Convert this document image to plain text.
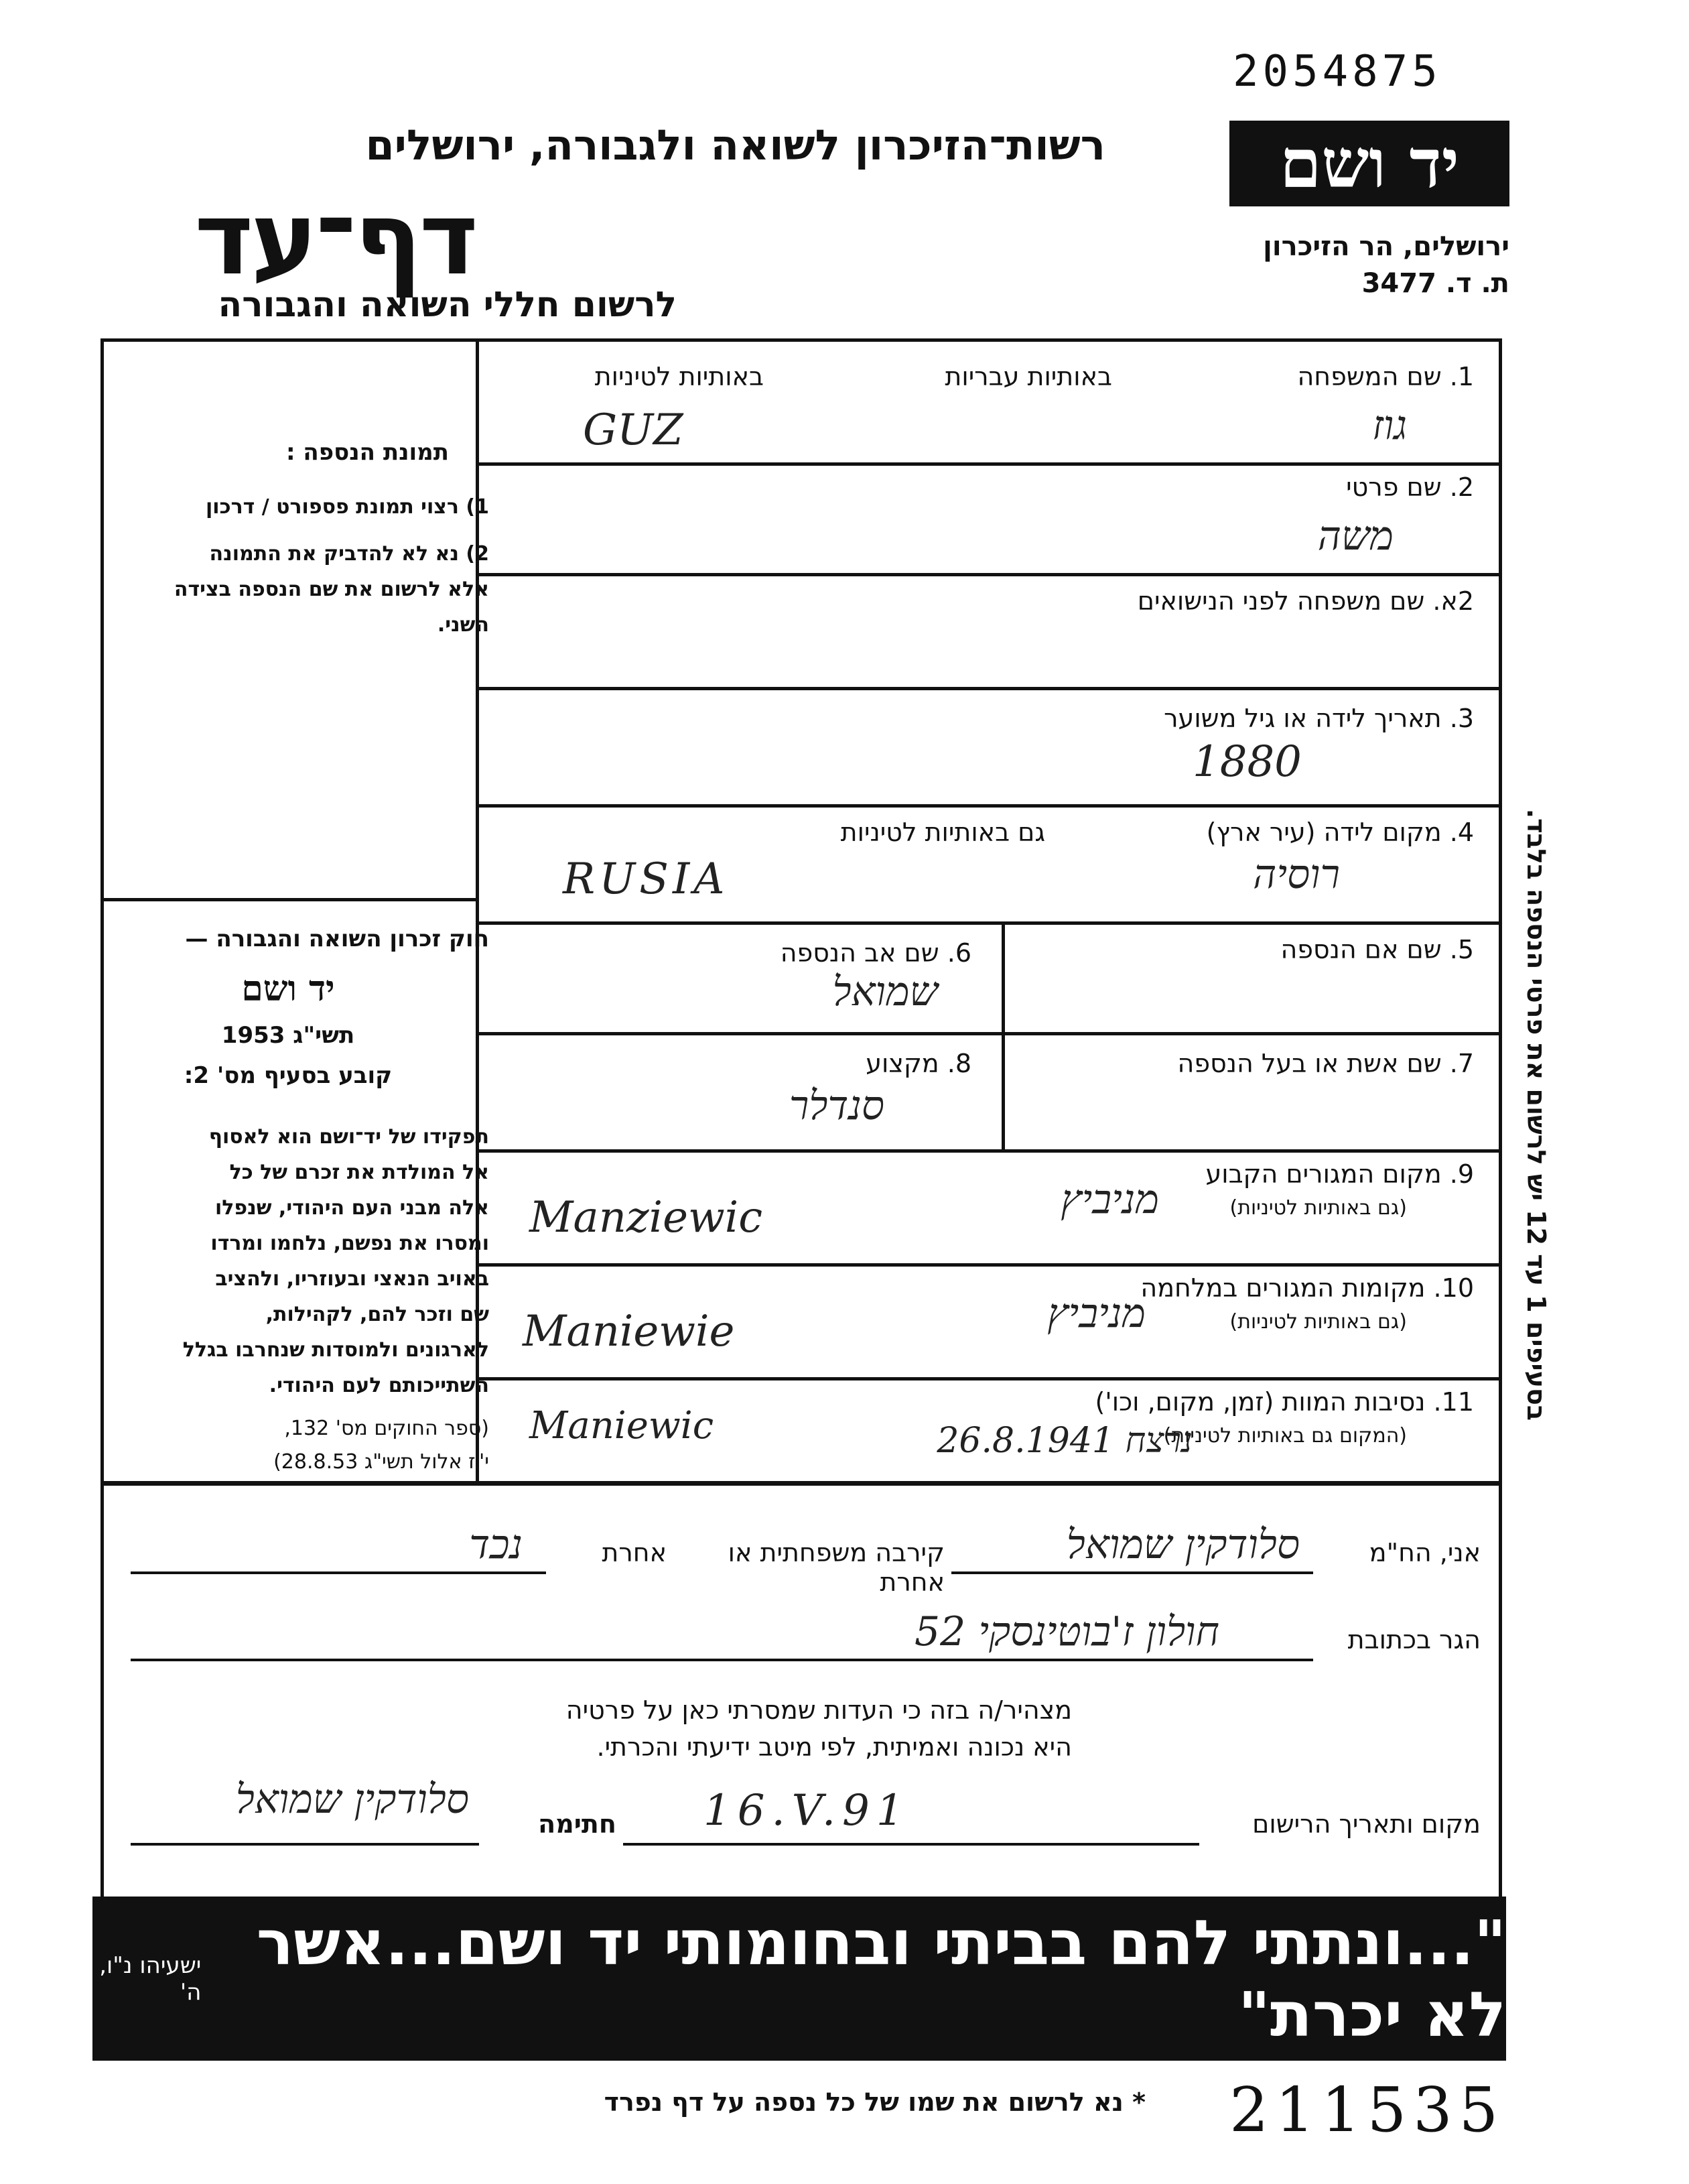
2054875
יד ושם
ירושלים, הר הזיכרון
ת. ד. 3477
רשות־הזיכרון לשואה ולגבורה, ירושלים
דף־עד
לרשום חללי השואה והגבורה
תמונת הנספה :
1) רצוי תמונת פספורט / דרכון
2) נא לא להדביק את התמונה
אלא לרשום את שם הנספה בצידה
השני.
חוק זכרון השואה והגבורה —
יד ושם
תשי"ג 1953
קובע בסעיף מס' 2:
תפקידו של יד־ושם הוא לאסוף
אל המולדת את זכרם של כל
אלה מבני העם היהודי, שנפלו
ומסרו את נפשם, נלחמו ומרדו
באויב הנאצי ובעוזריו, ולהציב
שם וזכר להם, לקהילות,
לארגונים ולמוסדות שנחרבו בגלל
השתייכותם לעם היהודי.
(ספר החוקים מס' 132,
י"ז אלול תשי"ג 28.8.53)
1. שם המשפחה
באותיות עבריות
באותיות לטיניות
גוז
GUZ
2. שם פרטי
משה
2א. שם משפחה לפני הנישואים
3. תאריך לידה או גיל משוער
1880
4. מקום לידה (עיר ארץ)
גם באותיות לטיניות
רוסיה
RUSIA
5. שם אם הנספה
6. שם אב הנספה
שמואל
7. שם אשת או בעל הנספה
8. מקצוע
סנדלר
9. מקום המגורים הקבוע
(גם באותיות לטיניות)
מניביץ
Manziewic
10. מקומות המגורים במלחמה
(גם באותיות לטיניות)
מניביץ
Maniewie
11. נסיבות המוות (זמן, מקום, וכו')
(המקום גם באותיות לטיניות)
נרצח 26.8.1941
Maniewic
אני, הח"מ
סלודקין שמואל
קירבה משפחתית או אחרת
אחרת
נכד
הגר בכתובת
חולון ז'בוטינסקי 52
מצהיר/ה בזה כי העדות שמסרתי כאן על פרטיה
היא נכונה ואמיתית, לפי מיטב ידיעתי והכרתי.
מקום ותאריך הרישום
16.V.91
חתימה
סלודקין שמואל
בסעיפים 1 עד 12 יש לרשום את פרטי הנספה בלבד.
"...ונתתי להם בביתי ובחומותי יד ושם...אשר לא יכרת"
ישעיהו נ"ו, ה'
* נא לרשום את שמו של כל נספה על דף נפרד 211535
